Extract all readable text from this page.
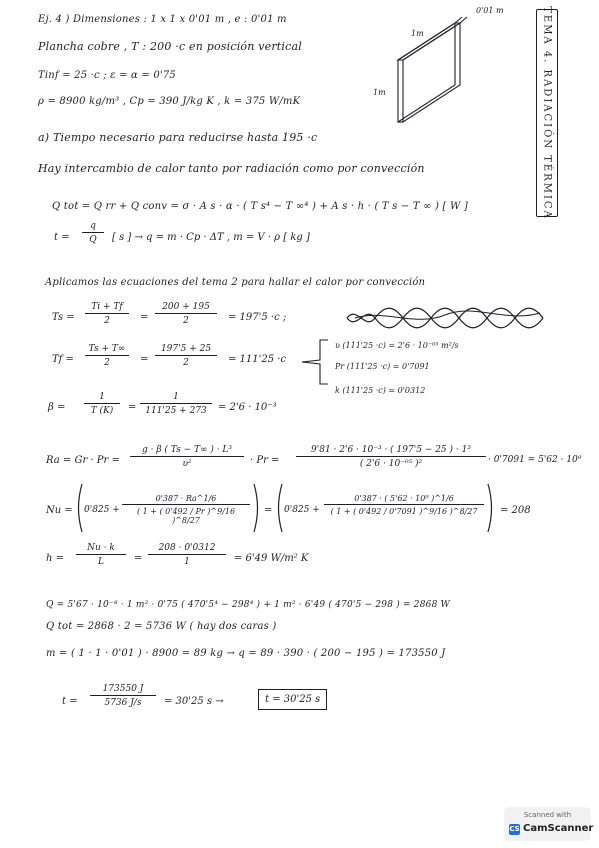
TEMA 4. RADIACIÓN TÉRMICA
Ej. 4 ) Dimensiones : 1 x 1 x 0'01 m , e : 0'01 m
Plancha cobre , T : 200 ·c en posición vertical
Tinf = 25 ·c ; ε = α = 0'75
ρ = 8900 kg/m³ , Cp = 390 J/kg K , k = 375 W/mK
0'01 m
1m
1m
a) Tiempo necesario para reducirse hasta 195 ·c
Hay intercambio de calor tanto por radiación como por convección
Q tot = Q rr + Q conv = σ · A s · α · ( T s⁴ − T ∞⁴ ) + A s · h · ( T s − T ∞ ) [ W ]
$t = \frac{q}{Q}$ [ s ] → q = m · Cp · ΔT , m = V · ρ [ kg ]
Aplicamos las ecuaciones del tema 2 para hallar el calor por convección
$Ts = \frac{Ti + Tf}{2} = \frac{200 + 195}{2} = 197'5 \cdot c$ ;
$Tf = \frac{Ts + T\infty}{2} = \frac{197'5 + 25}{2} = 111'25 \cdot c$
υ (111'25 ·c) = 2'6 · 10⁻⁰⁵ m²/s
Pr (111'25 ·c) = 0'7091
k (111'25 ·c) = 0'0312
$\beta = \frac{1}{T (K)} = \frac{1}{111'25 + 273} = 2'6 \cdot 10^{-3}$
$Ra = Gr \cdot Pr = \frac{\text{g · β ( Ts − T∞ ) · L³}}{\text{υ²}} \cdot Pr = \frac{\text{9'81 · 2'6 · 10⁻³ · ( 197'5 − 25 ) · 1³}}{\text{( 2'6 · 10⁻⁰⁵ )²}} \cdot 0'7091 = 5'62 \cdot 10^9$
$Nu = 0'825 + \frac{0'387 \cdot Ra\^{}1/6}{( 1 + ( 0'492 / Pr )\^{}9/16 )\^{}8/27} = 0'825 + \frac{\text{0'387 · ( 5'62 · 10⁹ )\textasciicircum{}1/6}}{( 1 + ( 0'492 / 0'7091 )\^{}9/16 )\^{}8/27} = 208$
$h = \frac{Nu \cdot k}{L} = \frac{208 \cdot 0'0312}{1} = 6'49$ W/m² K
Q = 5'67 · 10⁻⁸ · 1 m² · 0'75 ( 470'5⁴ − 298⁴ ) + 1 m² · 6'49 ( 470'5 − 298 ) = 2868 W
Q tot = 2868 · 2 = 5736 W ( hay dos caras )
m = ( 1 · 1 · 0'01 ) · 8900 = 89 kg → q = 89 · 390 · ( 200 − 195 ) = 173550 J
$t = \frac{173550 J}{5736 J/s} = 30'25$ s →	t = 30'25 s
Scanned with
CS CamScanner
